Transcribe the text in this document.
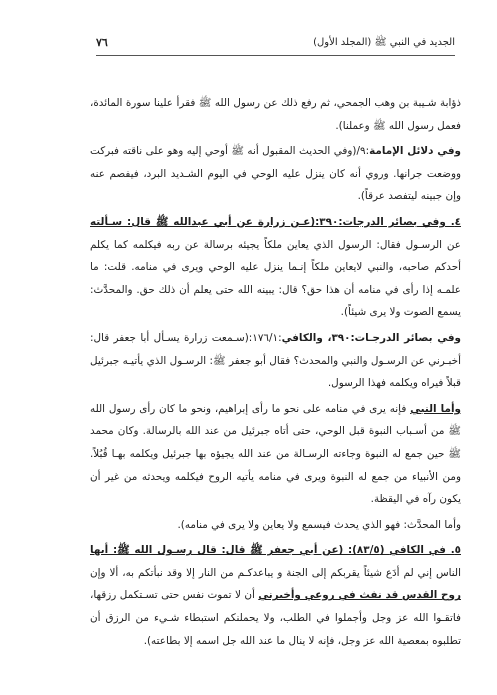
الجديد في النبي ﷺ (المجلد الأول)
٧٦

ذؤابة شـيبة بن وهب الجمحي، ثم رفع ذلك عن رسول الله ﷺ فقرأ علينا سورة المائدة، فعمل رسول الله ﷺ وعملنا).

وفي دلائل الإمامة:٩/(وفي الحديث المقبول أنه ﷺ أوحي إليه وهو على ناقته فبركت ووضعت جرانها. وروي أنه كان ينزل عليه الوحي في اليوم الشـديد البرد، فيفصم عنه وإن جبينه ليتفصد عرقاً).

٤. وفي بصائر الدرجات:٣٩٠:(عـن زرارة عن أبي عبدالله ﷺ قال: سـألته عن الرسـول فقال: الرسول الذي يعاين ملكاً يجيئه برسالة عن ربه فيكلمه كما يكلم أحدكم صاحبه، والنبي لايعاين ملكاً إنـما ينزل عليه الوحي ويرى في منامه. قلت: ما علمـه إذا رأى في منامه أن هذا حق؟ قال: يبينه الله حتى يعلم أن ذلك حق. والمحدَّث: يسمع الصوت ولا يرى شيئاً).

وفي بصائر الدرجـات:٣٩٠، والكافي:١٧٦/١:(سـمعت زرارة يسـأل أبا جعفر قال: أخبـرني عن الرسـول والنبي والمحدث؟ فقال أبو جعفر ﷺ: الرسـول الذي يأتيـه جبرئيل قبلاً فيراه ويكلمه فهذا الرسول.

وأما النبي فإنه يرى في منامه على نحو ما رأى إبراهيم، ونحو ما كان رأى رسول الله ﷺ من أسـباب النبوة قبل الوحي، حتى أتاه جبرئيل من عند الله بالرسالة. وكان محمد ﷺ حين جمع له النبوة وجاءته الرسـالة من عند الله يجيؤه بها جبرئيل ويكلمه بهـا قُبُلاً. ومن الأنبياء من جمع له النبوة ويرى في منامه يأتيه الروح فيكلمه ويحدثه من غير أن يكون رآه في اليقظة.

وأما المحدَّث: فهو الذي يحدث فيسمع ولا يعاين ولا يرى في منامه).

٥. في الكافي (٨٣/٥): (عن أبي جعفر ﷺ قال: قال رسـول الله ﷺ: أيها الناس إني لم أدَع شيئاً يقربكم إلى الجنة و يباعدكـم من النار إلا وقد نبأتكم به، ألا وإن روح القدس قد نفث في روعي وأخبرني أن لا تموت نفس حتى تسـتكمل رزقها، فاتقـوا الله عز وجل وأجملوا في الطلب، ولا يحملنكم استبطاء شـيء من الرزق أن تطلبوه بمعصية الله عز وجل، فإنه لا ينال ما عند الله جل اسمه إلا بطاعته).
